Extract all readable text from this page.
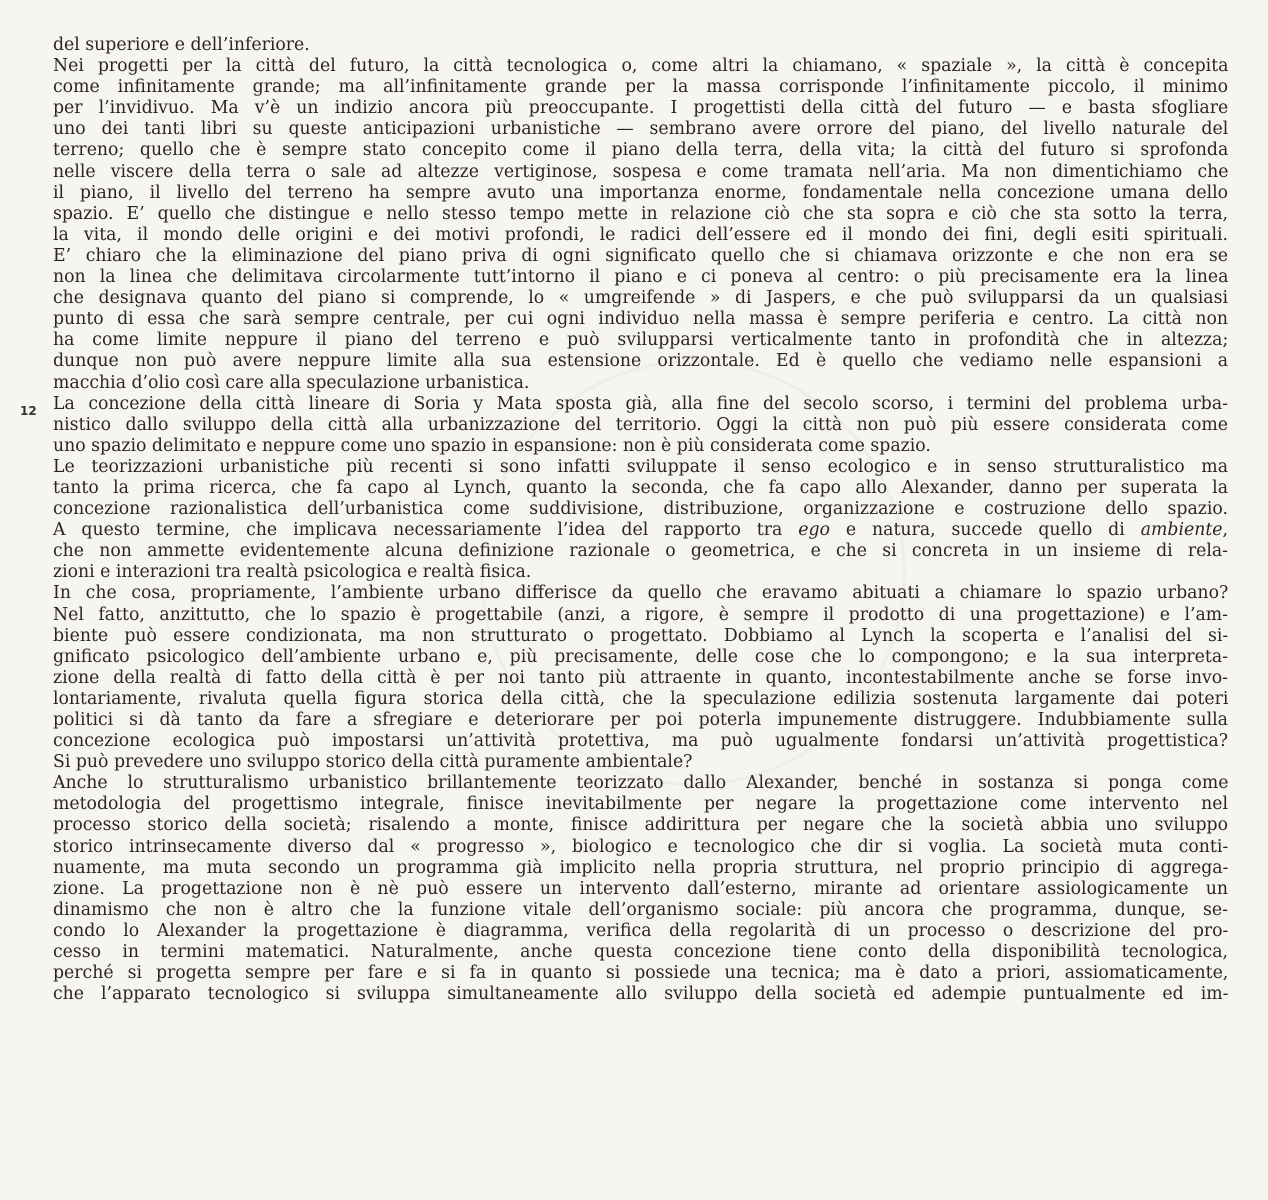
12
del superiore e dell’inferiore.
Nei progetti per la città del futuro, la città tecnologica o, come altri la chiamano, « spaziale », la città è concepita
come infinitamente grande; ma all’infinitamente grande per la massa corrisponde l’infinitamente piccolo, il minimo
per l’invidivuo. Ma v’è un indizio ancora più preoccupante. I progettisti della città del futuro — e basta sfogliare
uno dei tanti libri su queste anticipazioni urbanistiche — sembrano avere orrore del piano, del livello naturale del
terreno; quello che è sempre stato concepito come il piano della terra, della vita; la città del futuro si sprofonda
nelle viscere della terra o sale ad altezze vertiginose, sospesa e come tramata nell’aria. Ma non dimentichiamo che
il piano, il livello del terreno ha sempre avuto una importanza enorme, fondamentale nella concezione umana dello
spazio. E’ quello che distingue e nello stesso tempo mette in relazione ciò che sta sopra e ciò che sta sotto la terra,
la vita, il mondo delle origini e dei motivi profondi, le radici dell’essere ed il mondo dei fini, degli esiti spirituali.
E’ chiaro che la eliminazione del piano priva di ogni significato quello che si chiamava orizzonte e che non era se
non la linea che delimitava circolarmente tutt’intorno il piano e ci poneva al centro: o più precisamente era la linea
che designava quanto del piano si comprende, lo « umgreifende » di Jaspers, e che può svilupparsi da un qualsiasi
punto di essa che sarà sempre centrale, per cui ogni individuo nella massa è sempre periferia e centro. La città non
ha come limite neppure il piano del terreno e può svilupparsi verticalmente tanto in profondità che in altezza;
dunque non può avere neppure limite alla sua estensione orizzontale. Ed è quello che vediamo nelle espansioni a
macchia d’olio così care alla speculazione urbanistica.
La concezione della città lineare di Soria y Mata sposta già, alla fine del secolo scorso, i termini del problema urba-
nistico dallo sviluppo della città alla urbanizzazione del territorio. Oggi la città non può più essere considerata come
uno spazio delimitato e neppure come uno spazio in espansione: non è più considerata come spazio.
Le teorizzazioni urbanistiche più recenti si sono infatti sviluppate il senso ecologico e in senso strutturalistico ma
tanto la prima ricerca, che fa capo al Lynch, quanto la seconda, che fa capo allo Alexander, danno per superata la
concezione razionalistica dell’urbanistica come suddivisione, distribuzione, organizzazione e costruzione dello spazio.
A questo termine, che implicava necessariamente l’idea del rapporto tra ego e natura, succede quello di ambiente,
che non ammette evidentemente alcuna definizione razionale o geometrica, e che si concreta in un insieme di rela-
zioni e interazioni tra realtà psicologica e realtà fisica.
In che cosa, propriamente, l’ambiente urbano differisce da quello che eravamo abituati a chiamare lo spazio urbano?
Nel fatto, anzittutto, che lo spazio è progettabile (anzi, a rigore, è sempre il prodotto di una progettazione) e l’am-
biente può essere condizionata, ma non strutturato o progettato. Dobbiamo al Lynch la scoperta e l’analisi del si-
gnificato psicologico dell’ambiente urbano e, più precisamente, delle cose che lo compongono; e la sua interpreta-
zione della realtà di fatto della città è per noi tanto più attraente in quanto, incontestabilmente anche se forse invo-
lontariamente, rivaluta quella figura storica della città, che la speculazione edilizia sostenuta largamente dai poteri
politici si dà tanto da fare a sfregiare e deteriorare per poi poterla impunemente distruggere. Indubbiamente sulla
concezione ecologica può impostarsi un’attività protettiva, ma può ugualmente fondarsi un’attività progettistica?
Si può prevedere uno sviluppo storico della città puramente ambientale?
Anche lo strutturalismo urbanistico brillantemente teorizzato dallo Alexander, benché in sostanza si ponga come
metodologia del progettismo integrale, finisce inevitabilmente per negare la progettazione come intervento nel
processo storico della società; risalendo a monte, finisce addirittura per negare che la società abbia uno sviluppo
storico intrinsecamente diverso dal « progresso », biologico e tecnologico che dir si voglia. La società muta conti-
nuamente, ma muta secondo un programma già implicito nella propria struttura, nel proprio principio di aggrega-
zione. La progettazione non è nè può essere un intervento dall’esterno, mirante ad orientare assiologicamente un
dinamismo che non è altro che la funzione vitale dell’organismo sociale: più ancora che programma, dunque, se-
condo lo Alexander la progettazione è diagramma, verifica della regolarità di un processo o descrizione del pro-
cesso in termini matematici. Naturalmente, anche questa concezione tiene conto della disponibilità tecnologica,
perché si progetta sempre per fare e si fa in quanto si possiede una tecnica; ma è dato a priori, assiomaticamente,
che l’apparato tecnologico si sviluppa simultaneamente allo sviluppo della società ed adempie puntualmente ed im-
